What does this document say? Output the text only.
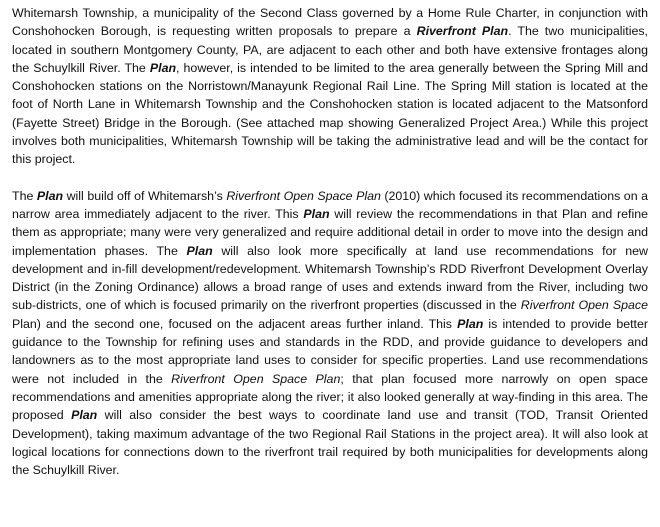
Whitemarsh Township, a municipality of the Second Class governed by a Home Rule Charter, in conjunction with Conshohocken Borough, is requesting written proposals to prepare a Riverfront Plan. The two municipalities, located in southern Montgomery County, PA, are adjacent to each other and both have extensive frontages along the Schuylkill River. The Plan, however, is intended to be limited to the area generally between the Spring Mill and Conshohocken stations on the Norristown/Manayunk Regional Rail Line. The Spring Mill station is located at the foot of North Lane in Whitemarsh Township and the Conshohocken station is located adjacent to the Matsonford (Fayette Street) Bridge in the Borough. (See attached map showing Generalized Project Area.) While this project involves both municipalities, Whitemarsh Township will be taking the administrative lead and will be the contact for this project.

The Plan will build off of Whitemarsh’s Riverfront Open Space Plan (2010) which focused its recommendations on a narrow area immediately adjacent to the river. This Plan will review the recommendations in that Plan and refine them as appropriate; many were very generalized and require additional detail in order to move into the design and implementation phases. The Plan will also look more specifically at land use recommendations for new development and in-fill development/redevelopment. Whitemarsh Township’s RDD Riverfront Development Overlay District (in the Zoning Ordinance) allows a broad range of uses and extends inward from the River, including two sub-districts, one of which is focused primarily on the riverfront properties (discussed in the Riverfront Open Space Plan) and the second one, focused on the adjacent areas further inland. This Plan is intended to provide better guidance to the Township for refining uses and standards in the RDD, and provide guidance to developers and landowners as to the most appropriate land uses to consider for specific properties. Land use recommendations were not included in the Riverfront Open Space Plan; that plan focused more narrowly on open space recommendations and amenities appropriate along the river; it also looked generally at way-finding in this area. The proposed Plan will also consider the best ways to coordinate land use and transit (TOD, Transit Oriented Development), taking maximum advantage of the two Regional Rail Stations in the project area). It will also look at logical locations for connections down to the riverfront trail required by both municipalities for developments along the Schuylkill River.
